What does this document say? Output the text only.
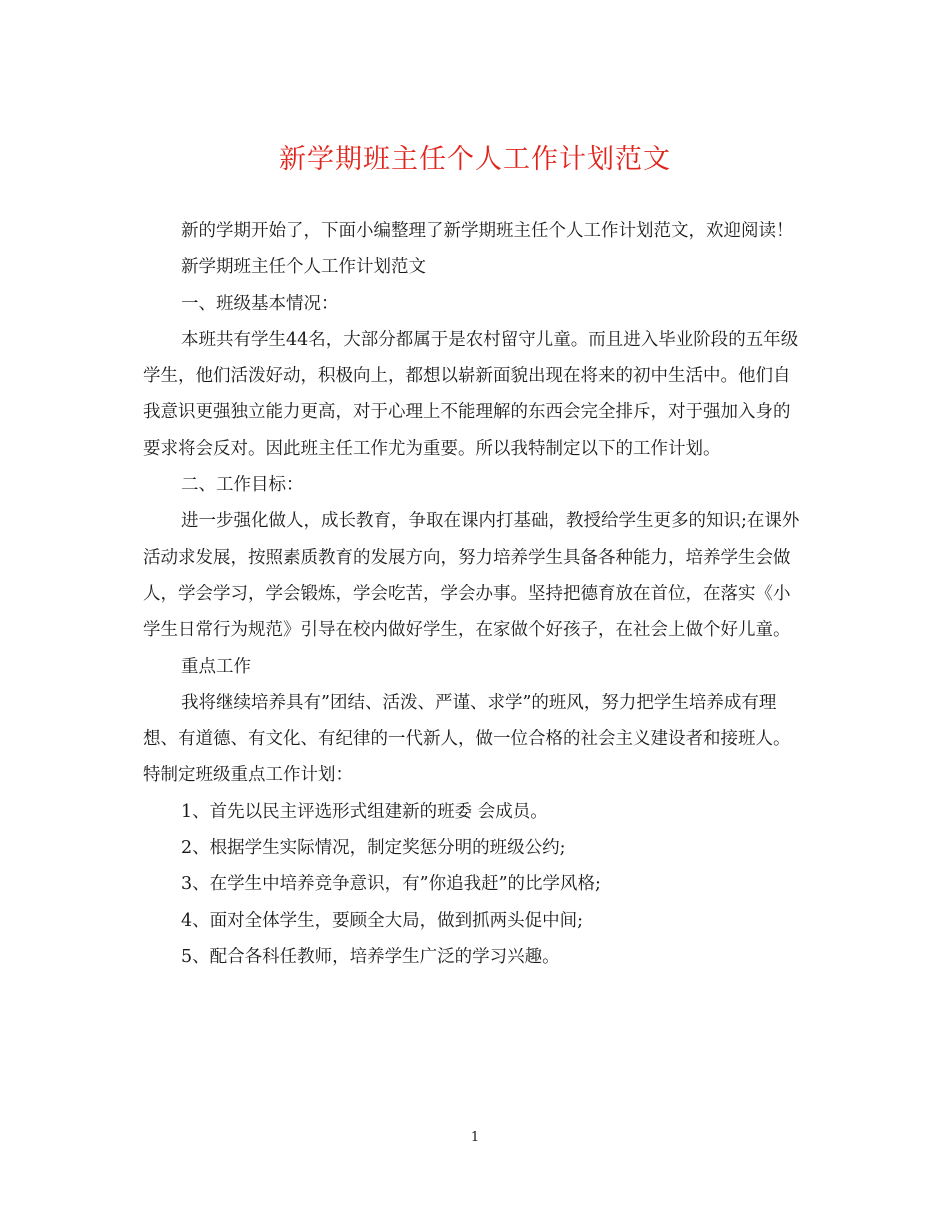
新学期班主任个人工作计划范文

新的学期开始了，下面小编整理了新学期班主任个人工作计划范文，欢迎阅读！

新学期班主任个人工作计划范文

一、班级基本情况：

本班共有学生44名，大部分都属于是农村留守儿童。而且进入毕业阶段的五年级学生，他们活泼好动，积极向上，都想以崭新面貌出现在将来的初中生活中。他们自我意识更强独立能力更高，对于心理上不能理解的东西会完全排斥，对于强加入身的要求将会反对。因此班主任工作尤为重要。所以我特制定以下的工作计划。

二、工作目标：

进一步强化做人，成长教育，争取在课内打基础，教授给学生更多的知识;在课外活动求发展，按照素质教育的发展方向，努力培养学生具备各种能力，培养学生会做人，学会学习，学会锻炼，学会吃苦，学会办事。坚持把德育放在首位，在落实《小学生日常行为规范》引导在校内做好学生，在家做个好孩子，在社会上做个好儿童。

重点工作

我将继续培养具有”团结、活泼、严谨、求学”的班风，努力把学生培养成有理想、有道德、有文化、有纪律的一代新人，做一位合格的社会主义建设者和接班人。特制定班级重点工作计划：

1、首先以民主评选形式组建新的班委 会成员。

2、根据学生实际情况，制定奖惩分明的班级公约;

3、在学生中培养竞争意识，有”你追我赶”的比学风格;

4、面对全体学生，要顾全大局，做到抓两头促中间;

5、配合各科任教师，培养学生广泛的学习兴趣。

1
